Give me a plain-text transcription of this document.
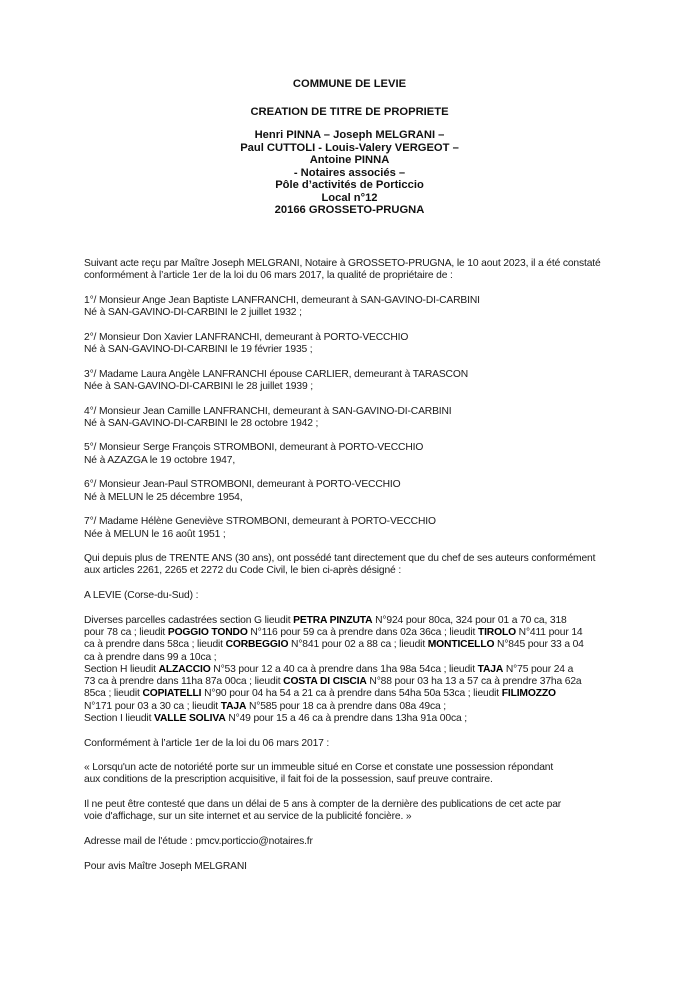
COMMUNE DE LEVIE
CREATION DE TITRE DE PROPRIETE
Henri PINNA – Joseph MELGRANI –
Paul CUTTOLI - Louis-Valery VERGEOT –
Antoine PINNA
- Notaires associés –
Pôle d’activités de Porticcio
Local n°12
20166 GROSSETO-PRUGNA

Suivant acte reçu par Maître Joseph MELGRANI, Notaire à GROSSETO-PRUGNA, le 10 aout 2023, il a été constaté
conformément à l’article 1er de la loi du 06 mars 2017, la qualité de propriétaire de :

1°/ Monsieur Ange Jean Baptiste LANFRANCHI, demeurant à SAN-GAVINO-DI-CARBINI
Né à SAN-GAVINO-DI-CARBINI le 2 juillet 1932 ;

2°/ Monsieur Don Xavier LANFRANCHI, demeurant à PORTO-VECCHIO
Né à SAN-GAVINO-DI-CARBINI le 19 février 1935 ;

3°/ Madame Laura Angèle LANFRANCHI épouse CARLIER, demeurant à TARASCON
Née à SAN-GAVINO-DI-CARBINI le 28 juillet 1939 ;

4°/ Monsieur Jean Camille LANFRANCHI, demeurant à SAN-GAVINO-DI-CARBINI
Né à SAN-GAVINO-DI-CARBINI le 28 octobre 1942 ;

5°/ Monsieur Serge François STROMBONI, demeurant à PORTO-VECCHIO
Né à AZAZGA le 19 octobre 1947,

6°/ Monsieur Jean-Paul STROMBONI, demeurant à PORTO-VECCHIO
Né à MELUN le 25 décembre 1954,

7°/ Madame Hélène Geneviève STROMBONI, demeurant à PORTO-VECCHIO
Née à MELUN le 16 août 1951 ;

Qui depuis plus de TRENTE ANS (30 ans), ont possédé tant directement que du chef de ses auteurs conformément
aux articles 2261, 2265 et 2272 du Code Civil, le bien ci-après désigné :

A LEVIE (Corse-du-Sud) :

Diverses parcelles cadastrées section G lieudit PETRA PINZUTA N°924 pour 80ca, 324 pour 01 a 70 ca, 318
pour 78 ca ; lieudit POGGIO TONDO N°116 pour 59 ca à prendre dans 02a 36ca ; lieudit TIROLO N°411 pour 14
ca à prendre dans 58ca ; lieudit CORBEGGIO N°841 pour 02 a 88 ca ; lieudit MONTICELLO N°845 pour 33 a 04
ca à prendre dans 99 a 10ca ;
Section H lieudit ALZACCIO N°53 pour 12 a 40 ca à prendre dans 1ha 98a 54ca ; lieudit TAJA N°75 pour 24 a
73 ca à prendre dans 11ha 87a 00ca ; lieudit COSTA DI CISCIA N°88 pour 03 ha 13 a 57 ca à prendre 37ha 62a
85ca ; lieudit COPIATELLI N°90 pour 04 ha 54 a 21 ca à prendre dans 54ha 50a 53ca ; lieudit FILIMOZZO
N°171 pour 03 a 30 ca ; lieudit TAJA N°585 pour 18 ca à prendre dans 08a 49ca ;
Section I lieudit VALLE SOLIVA N°49 pour 15 a 46 ca à prendre dans 13ha 91a 00ca ;

Conformément à l’article 1er de la loi du 06 mars 2017 :

« Lorsqu'un acte de notoriété porte sur un immeuble situé en Corse et constate une possession répondant
aux conditions de la prescription acquisitive, il fait foi de la possession, sauf preuve contraire.

Il ne peut être contesté que dans un délai de 5 ans à compter de la dernière des publications de cet acte par
voie d'affichage, sur un site internet et au service de la publicité foncière. »

Adresse mail de l'étude : pmcv.porticcio@notaires.fr

Pour avis Maître Joseph MELGRANI
